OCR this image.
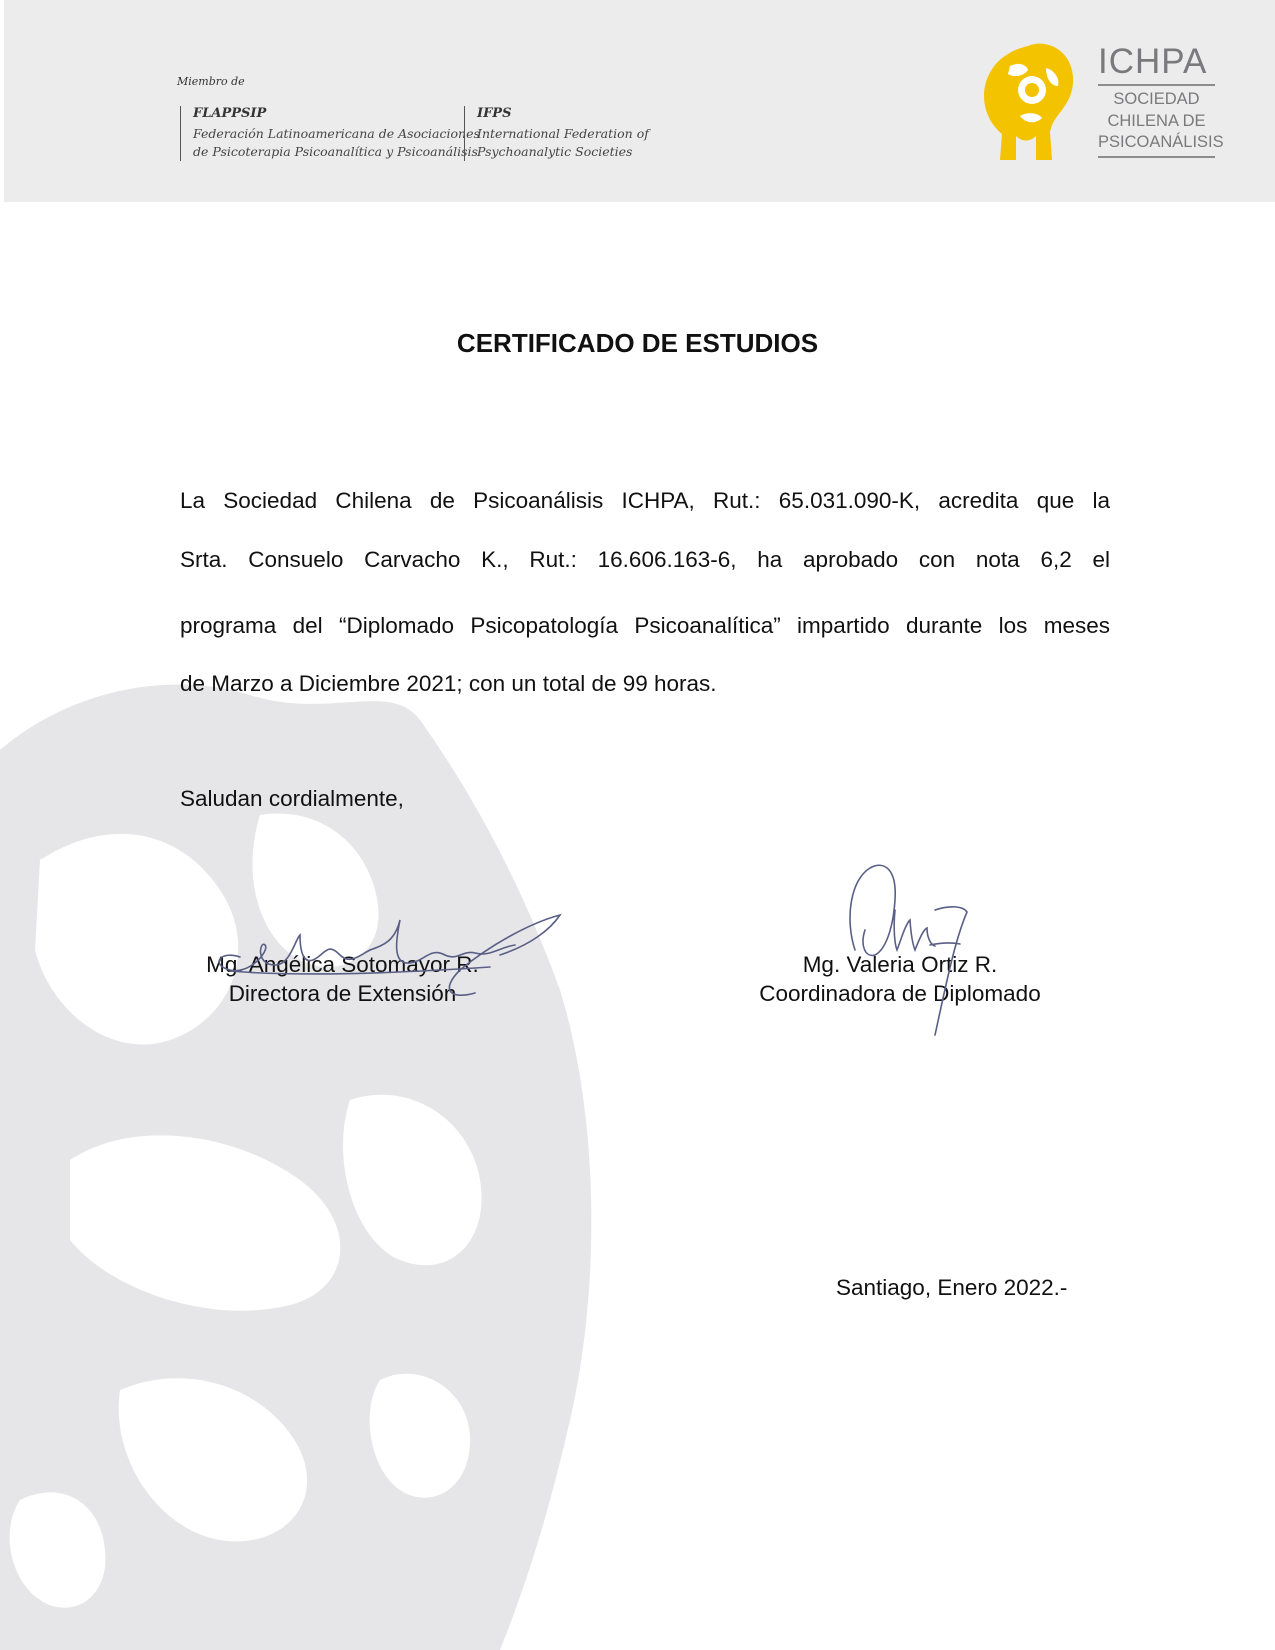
Miembro de
FLAPPSIP
Federación Latinoamericana de Asociaciones
de Psicoterapia Psicoanalítica y Psicoanálisis
IFPS
International Federation of
Psychoanalytic Societies
ICHPA
SOCIEDAD
CHILENA DE
PSICOANÁLISIS
CERTIFICADO DE ESTUDIOS
La Sociedad Chilena de Psicoanálisis ICHPA, Rut.: 65.031.090-K, acredita que la
Srta. Consuelo Carvacho K., Rut.: 16.606.163-6, ha aprobado con nota 6,2 el
programa del “Diplomado Psicopatología Psicoanalítica” impartido durante los meses
de Marzo a Diciembre 2021; con un total de 99 horas.
Saludan cordialmente,
Mg. Angélica Sotomayor R.
Directora de Extensión
Mg. Valeria Ortiz R.
Coordinadora de Diplomado
Santiago, Enero 2022.-
